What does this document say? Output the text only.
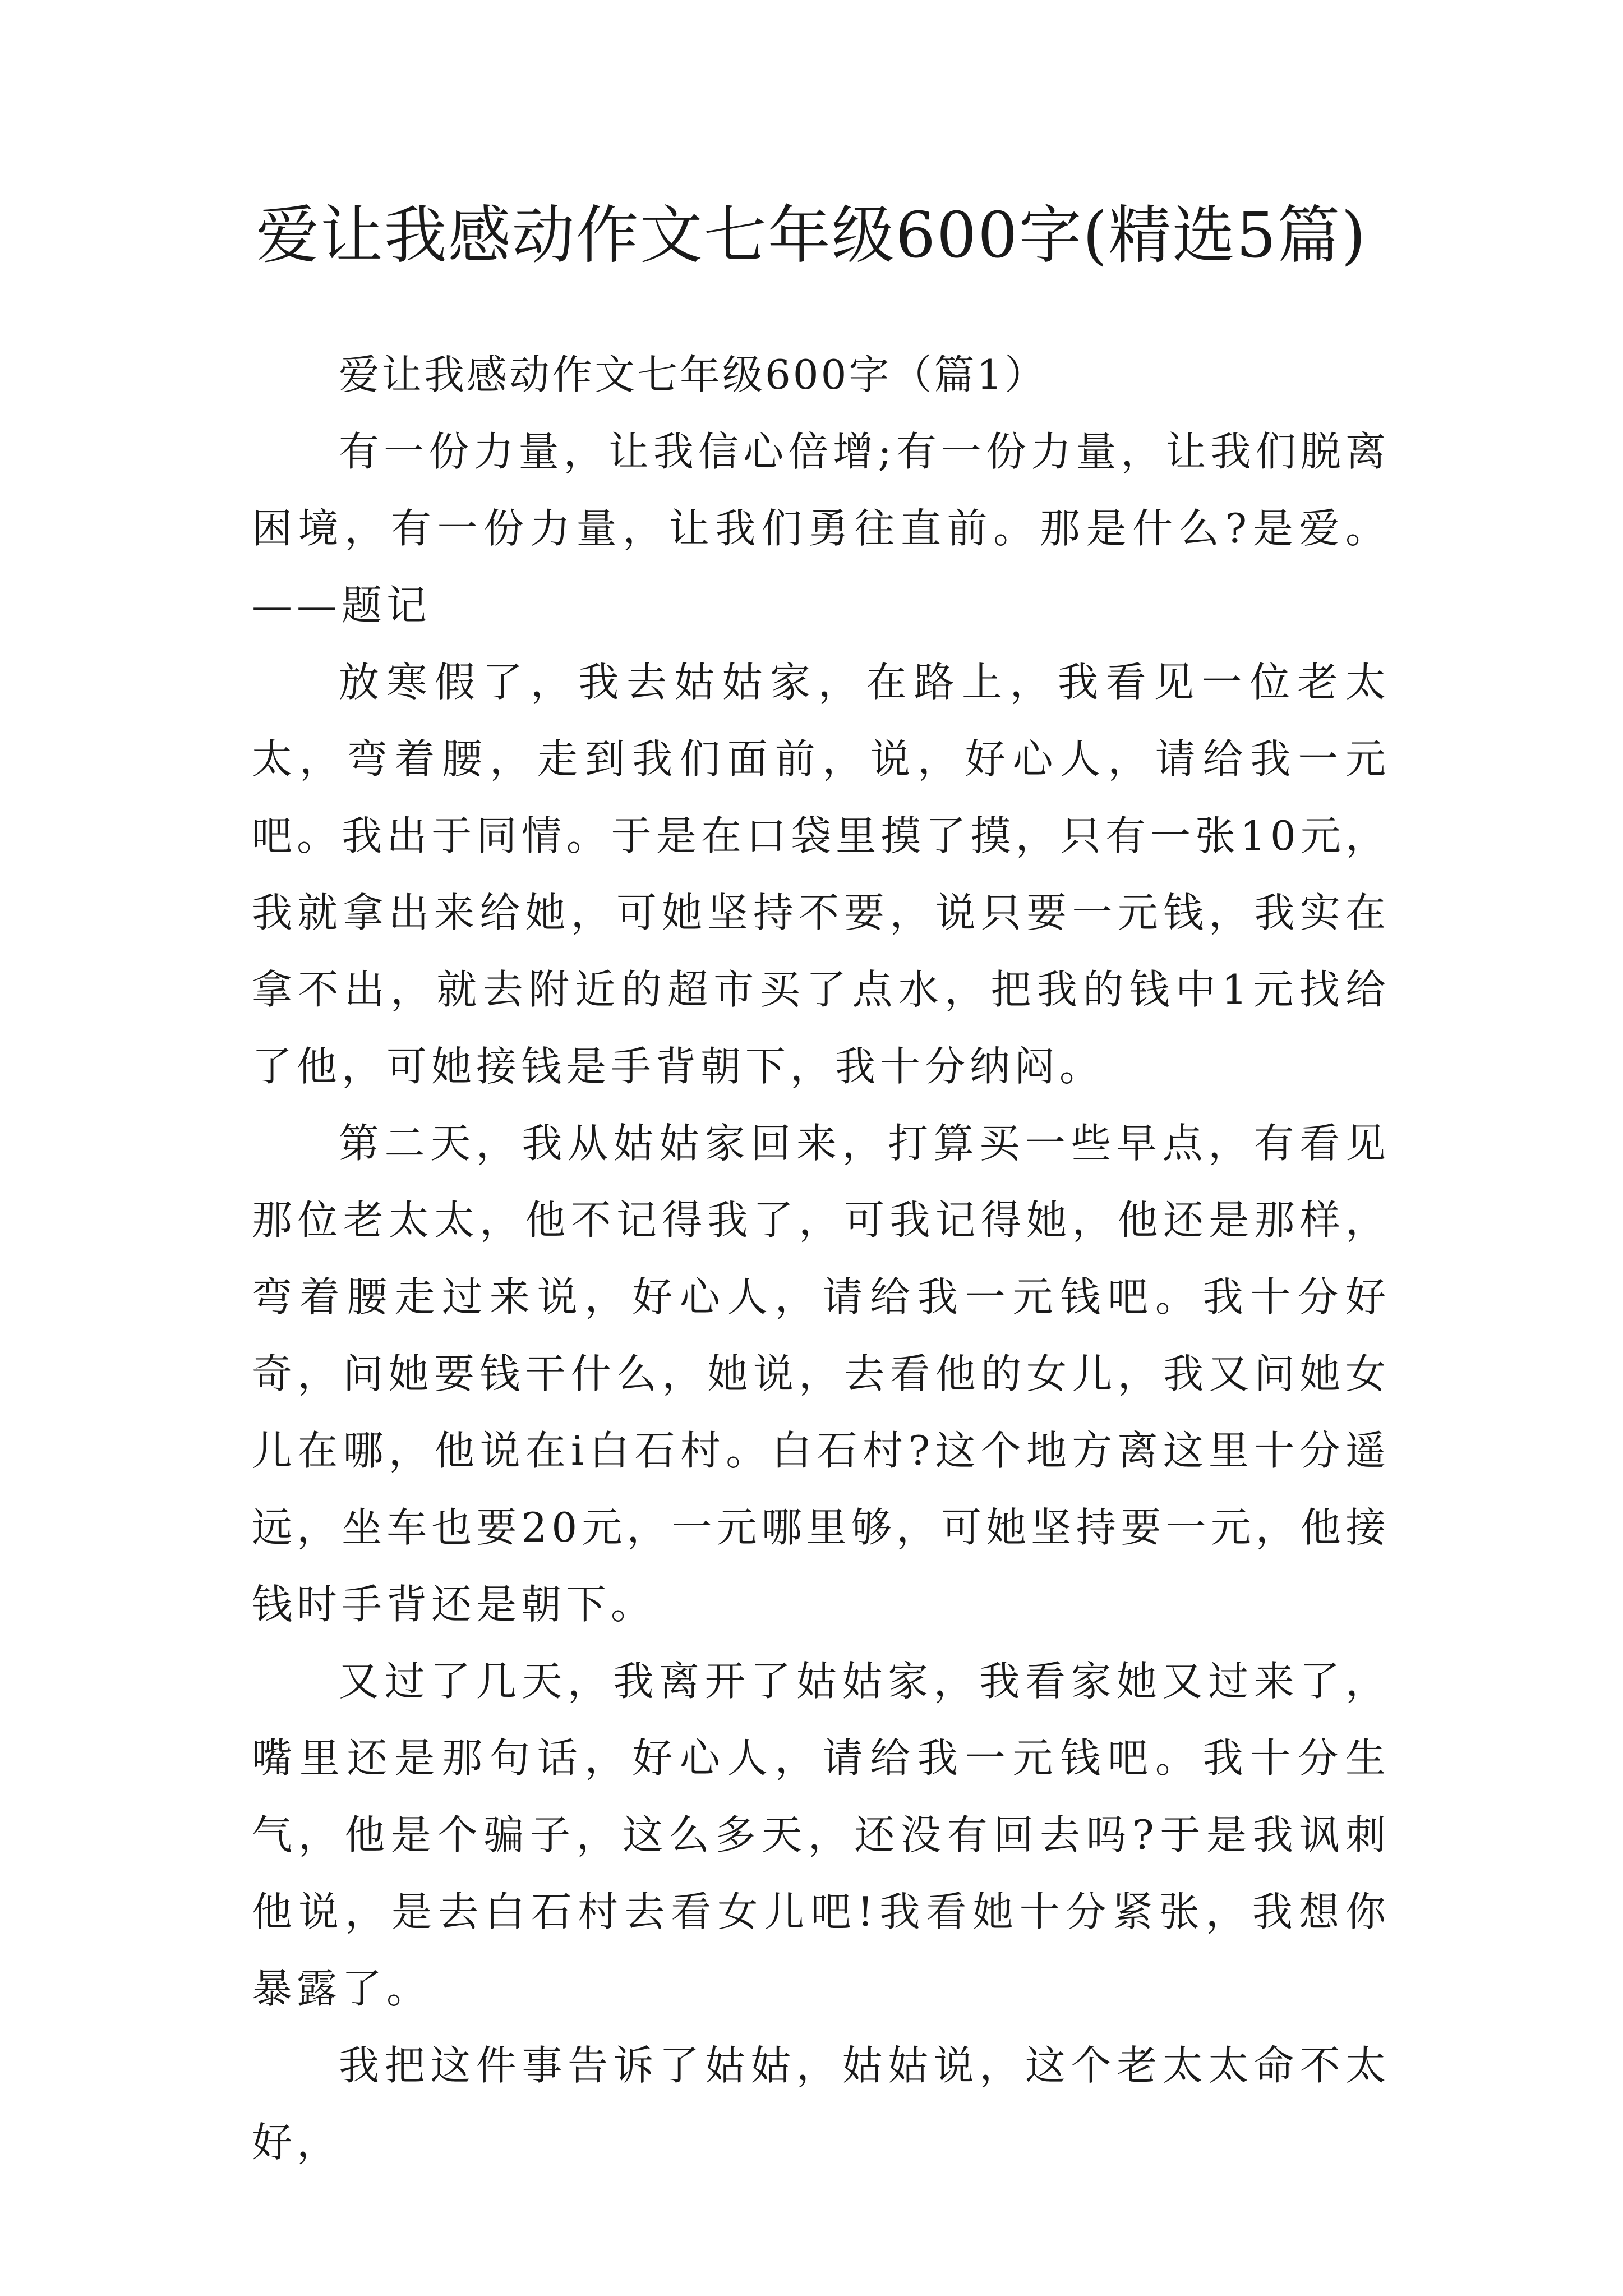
爱让我感动作文七年级600字(精选5篇)

爱让我感动作文七年级600字（篇1）

有一份力量，让我信心倍增;有一份力量，让我们脱离困境，有一份力量，让我们勇往直前。那是什么?是爱。——题记

放寒假了，我去姑姑家，在路上，我看见一位老太太，弯着腰，走到我们面前，说，好心人，请给我一元吧。我出于同情。于是在口袋里摸了摸，只有一张10元，我就拿出来给她，可她坚持不要，说只要一元钱，我实在拿不出，就去附近的超市买了点水，把我的钱中1元找给了他，可她接钱是手背朝下，我十分纳闷。

第二天，我从姑姑家回来，打算买一些早点，有看见那位老太太，他不记得我了，可我记得她，他还是那样，弯着腰走过来说，好心人，请给我一元钱吧。我十分好奇，问她要钱干什么，她说，去看他的女儿，我又问她女儿在哪，他说在i白石村。白石村?这个地方离这里十分遥远，坐车也要20元，一元哪里够，可她坚持要一元，他接钱时手背还是朝下。

又过了几天，我离开了姑姑家，我看家她又过来了，嘴里还是那句话，好心人，请给我一元钱吧。我十分生气，他是个骗子，这么多天，还没有回去吗?于是我讽刺他说，是去白石村去看女儿吧!我看她十分紧张，我想你暴露了。

我把这件事告诉了姑姑，姑姑说，这个老太太命不太好，
